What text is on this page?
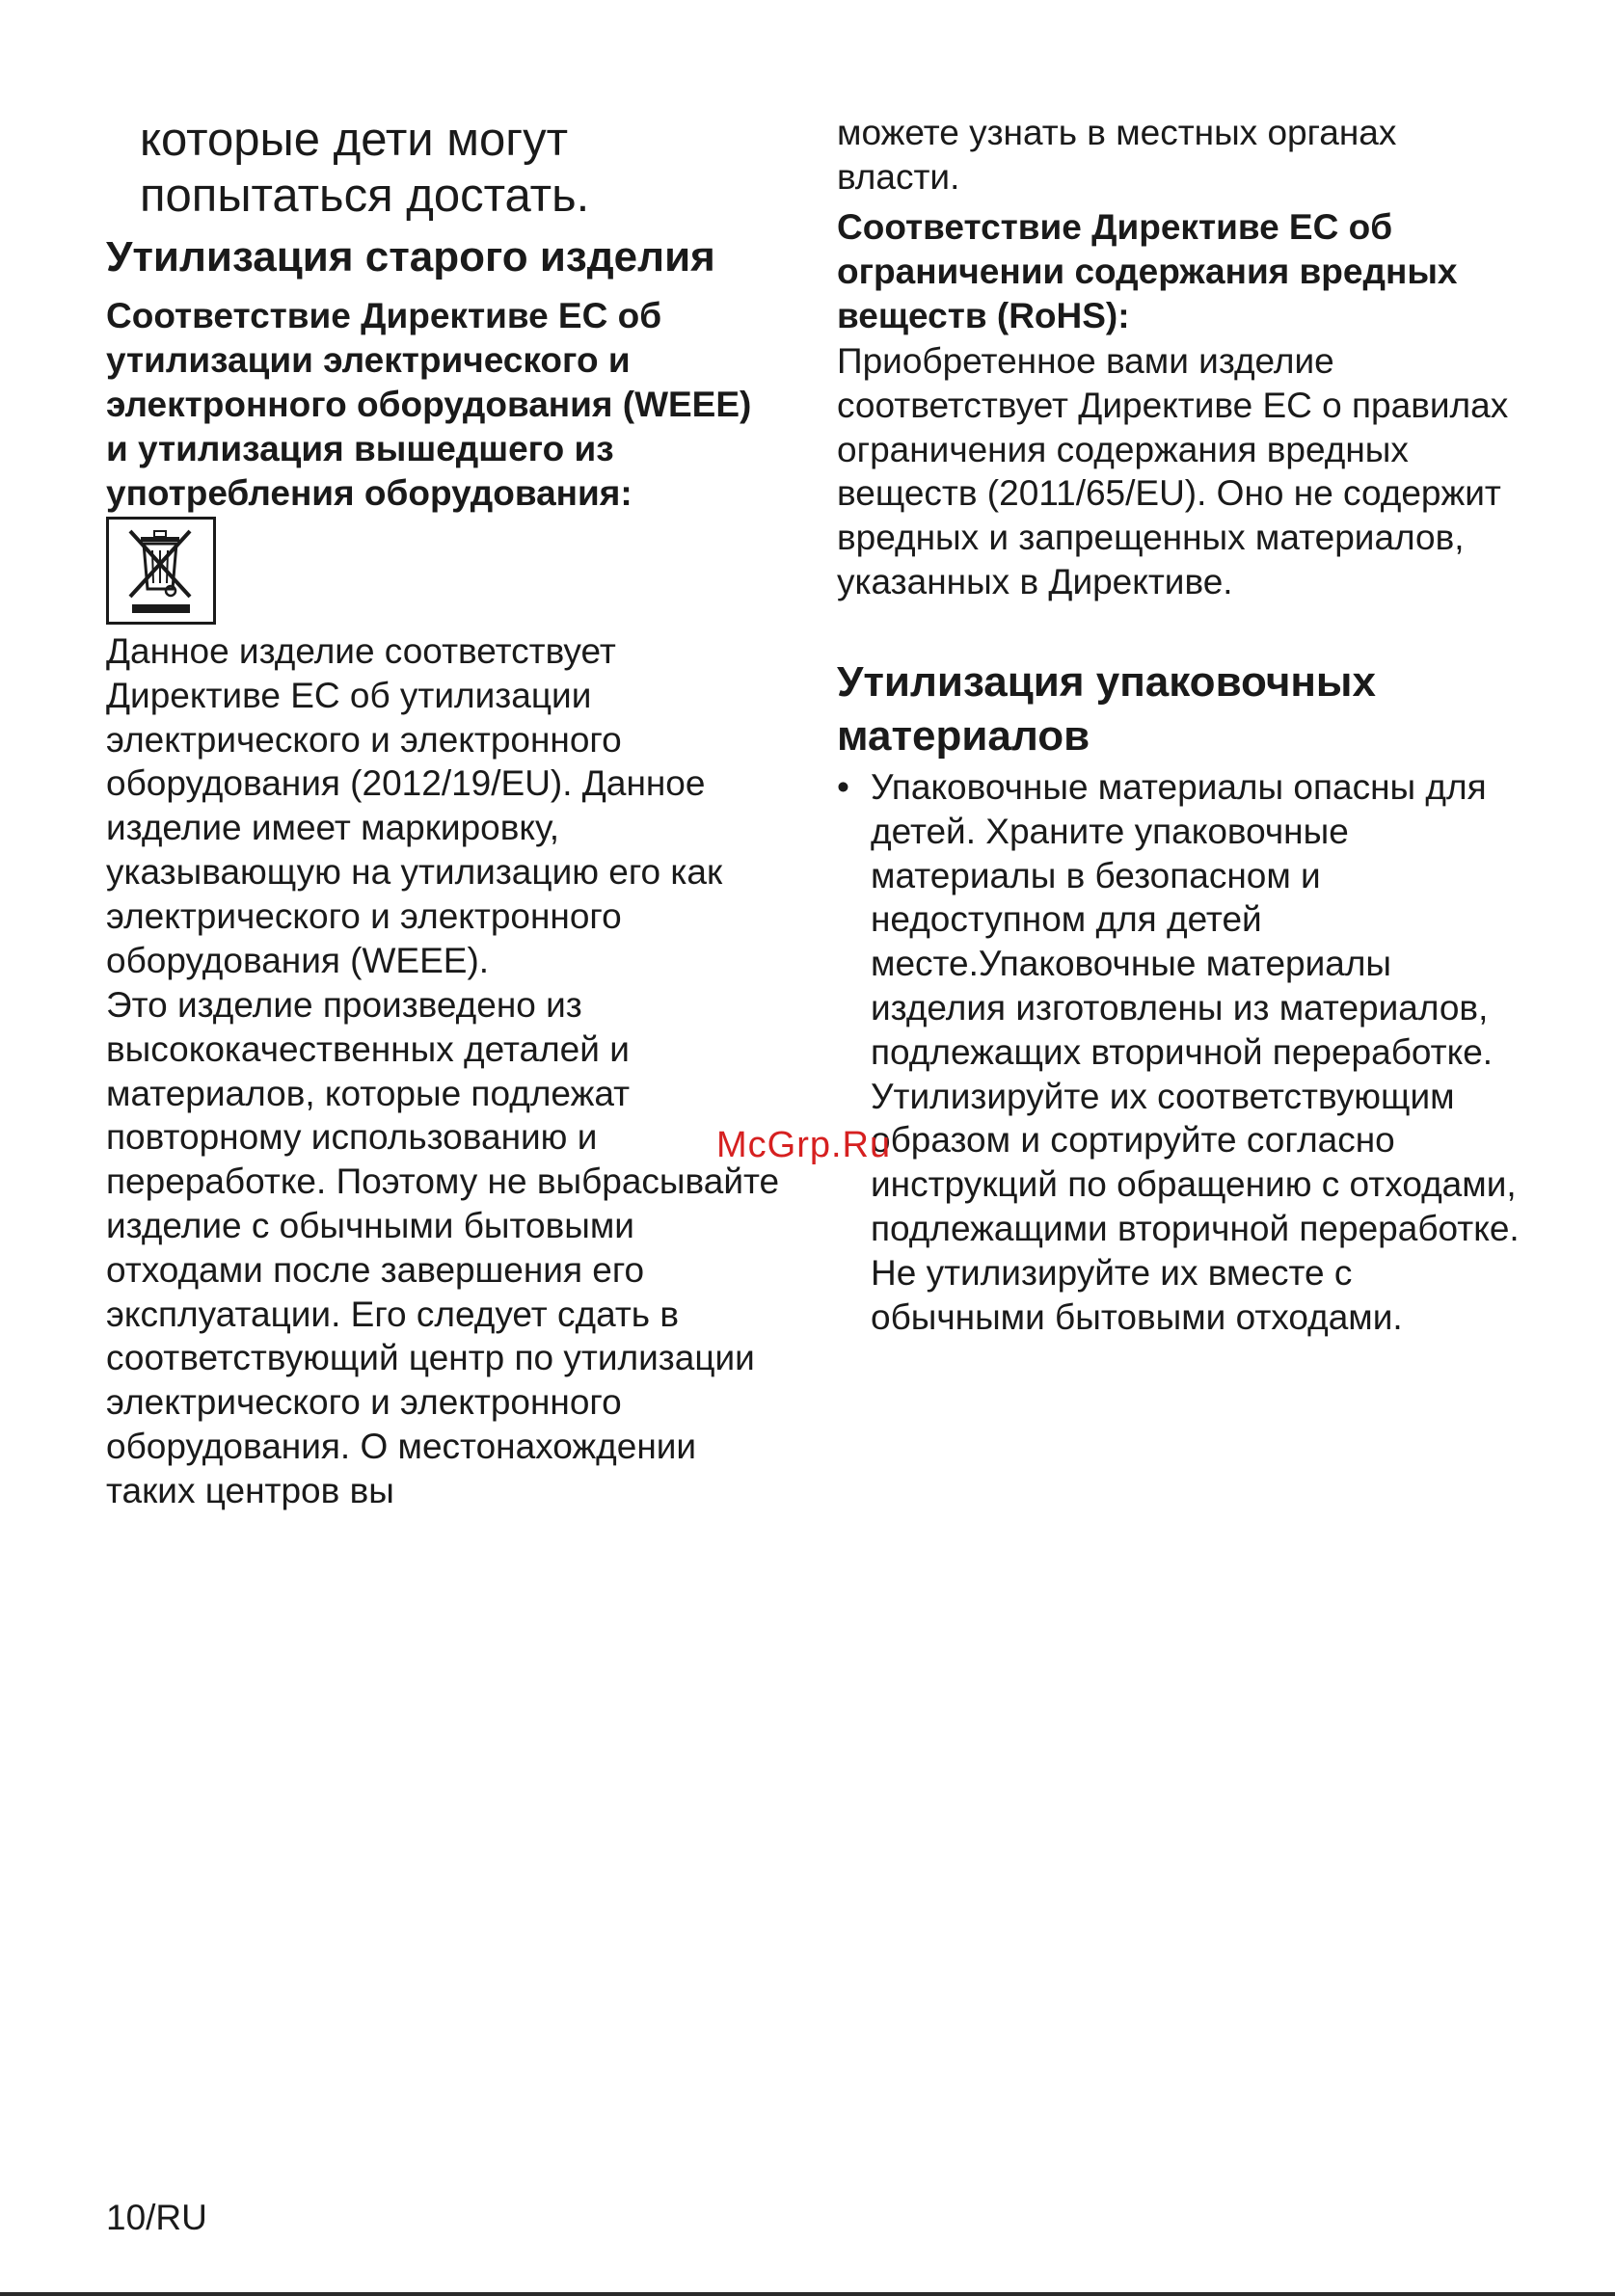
которые дети могут попытаться достать.

Утилизация старого изделия
Соответствие Директиве ЕС об утилизации электрического и электронного оборудования (WEEE) и утилизация вышедшего из употребления оборудования:

Данное изделие соответствует Директиве ЕС об утилизации электрического и электронного оборудования (2012/19/EU). Данное изделие имеет маркировку, указывающую на утилизацию его как электрического и электронного оборудования (WEEE).

Это изделие произведено из высококачественных деталей и материалов, которые подлежат повторному использованию и переработке. Поэтому не выбрасывайте изделие с обычными бытовыми отходами после завершения его эксплуатации. Его следует сдать в соответствующий центр по утилизации электрического и электронного оборудования. О местонахождении таких центров вы

можете узнать в местных органах власти.

Соответствие Директиве ЕС об ограничении содержания вредных веществ (RoHS):

Приобретенное вами изделие соответствует Директиве ЕС о правилах ограничения содержания вредных веществ (2011/65/EU). Оно не содержит вредных и запрещенных материалов, указанных в Директиве.

Утилизация упаковочных материалов
• Упаковочные материалы опасны для детей. Храните упаковочные материалы в безопасном и недоступном для детей месте.Упаковочные материалы изделия изготовлены из материалов, подлежащих вторичной переработке. Утилизируйте их соответствующим образом и сортируйте согласно инструкций по обращению с отходами, подлежащими вторичной переработке. Не утилизируйте их вместе с обычными бытовыми отходами.

McGrp.Ru
10/RU
